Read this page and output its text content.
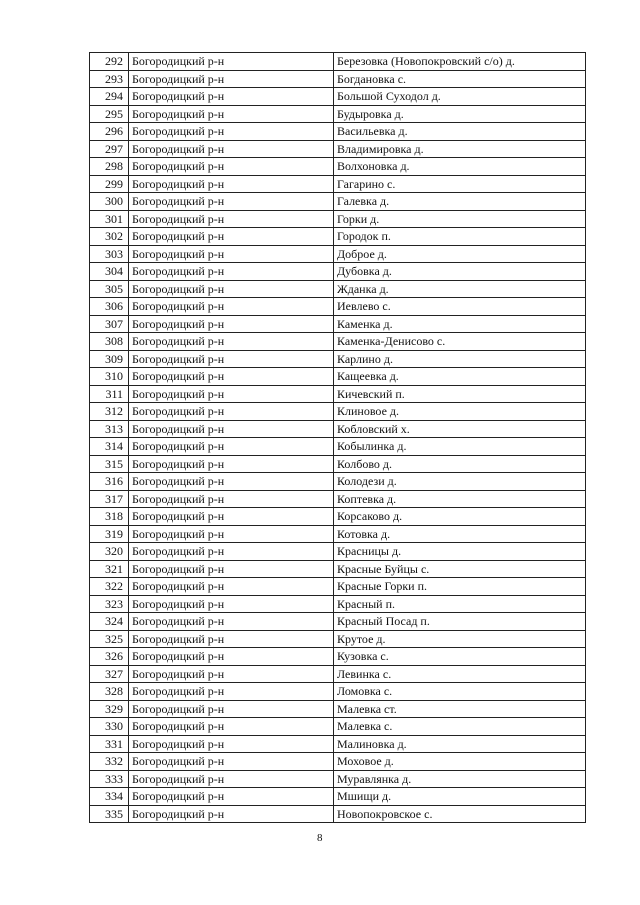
292	Богородицкий р-н	Березовка (Новопокровский с/о) д.
293	Богородицкий р-н	Богдановка с.
294	Богородицкий р-н	Большой Суходол д.
295	Богородицкий р-н	Будыровка д.
296	Богородицкий р-н	Васильевка д.
297	Богородицкий р-н	Владимировка д.
298	Богородицкий р-н	Волхоновка д.
299	Богородицкий р-н	Гагарино с.
300	Богородицкий р-н	Галевка д.
301	Богородицкий р-н	Горки д.
302	Богородицкий р-н	Городок п.
303	Богородицкий р-н	Доброе д.
304	Богородицкий р-н	Дубовка д.
305	Богородицкий р-н	Жданка д.
306	Богородицкий р-н	Иевлево с.
307	Богородицкий р-н	Каменка д.
308	Богородицкий р-н	Каменка-Денисово с.
309	Богородицкий р-н	Карлино д.
310	Богородицкий р-н	Кащеевка д.
311	Богородицкий р-н	Кичевский п.
312	Богородицкий р-н	Клиновое д.
313	Богородицкий р-н	Кобловский х.
314	Богородицкий р-н	Кобылинка д.
315	Богородицкий р-н	Колбово д.
316	Богородицкий р-н	Колодези д.
317	Богородицкий р-н	Коптевка д.
318	Богородицкий р-н	Корсаково д.
319	Богородицкий р-н	Котовка д.
320	Богородицкий р-н	Красницы д.
321	Богородицкий р-н	Красные Буйцы с.
322	Богородицкий р-н	Красные Горки п.
323	Богородицкий р-н	Красный п.
324	Богородицкий р-н	Красный Посад п.
325	Богородицкий р-н	Крутое д.
326	Богородицкий р-н	Кузовка с.
327	Богородицкий р-н	Левинка с.
328	Богородицкий р-н	Ломовка с.
329	Богородицкий р-н	Малевка ст.
330	Богородицкий р-н	Малевка с.
331	Богородицкий р-н	Малиновка д.
332	Богородицкий р-н	Моховое д.
333	Богородицкий р-н	Муравлянка д.
334	Богородицкий р-н	Мшищи д.
335	Богородицкий р-н	Новопокровское с.
8
